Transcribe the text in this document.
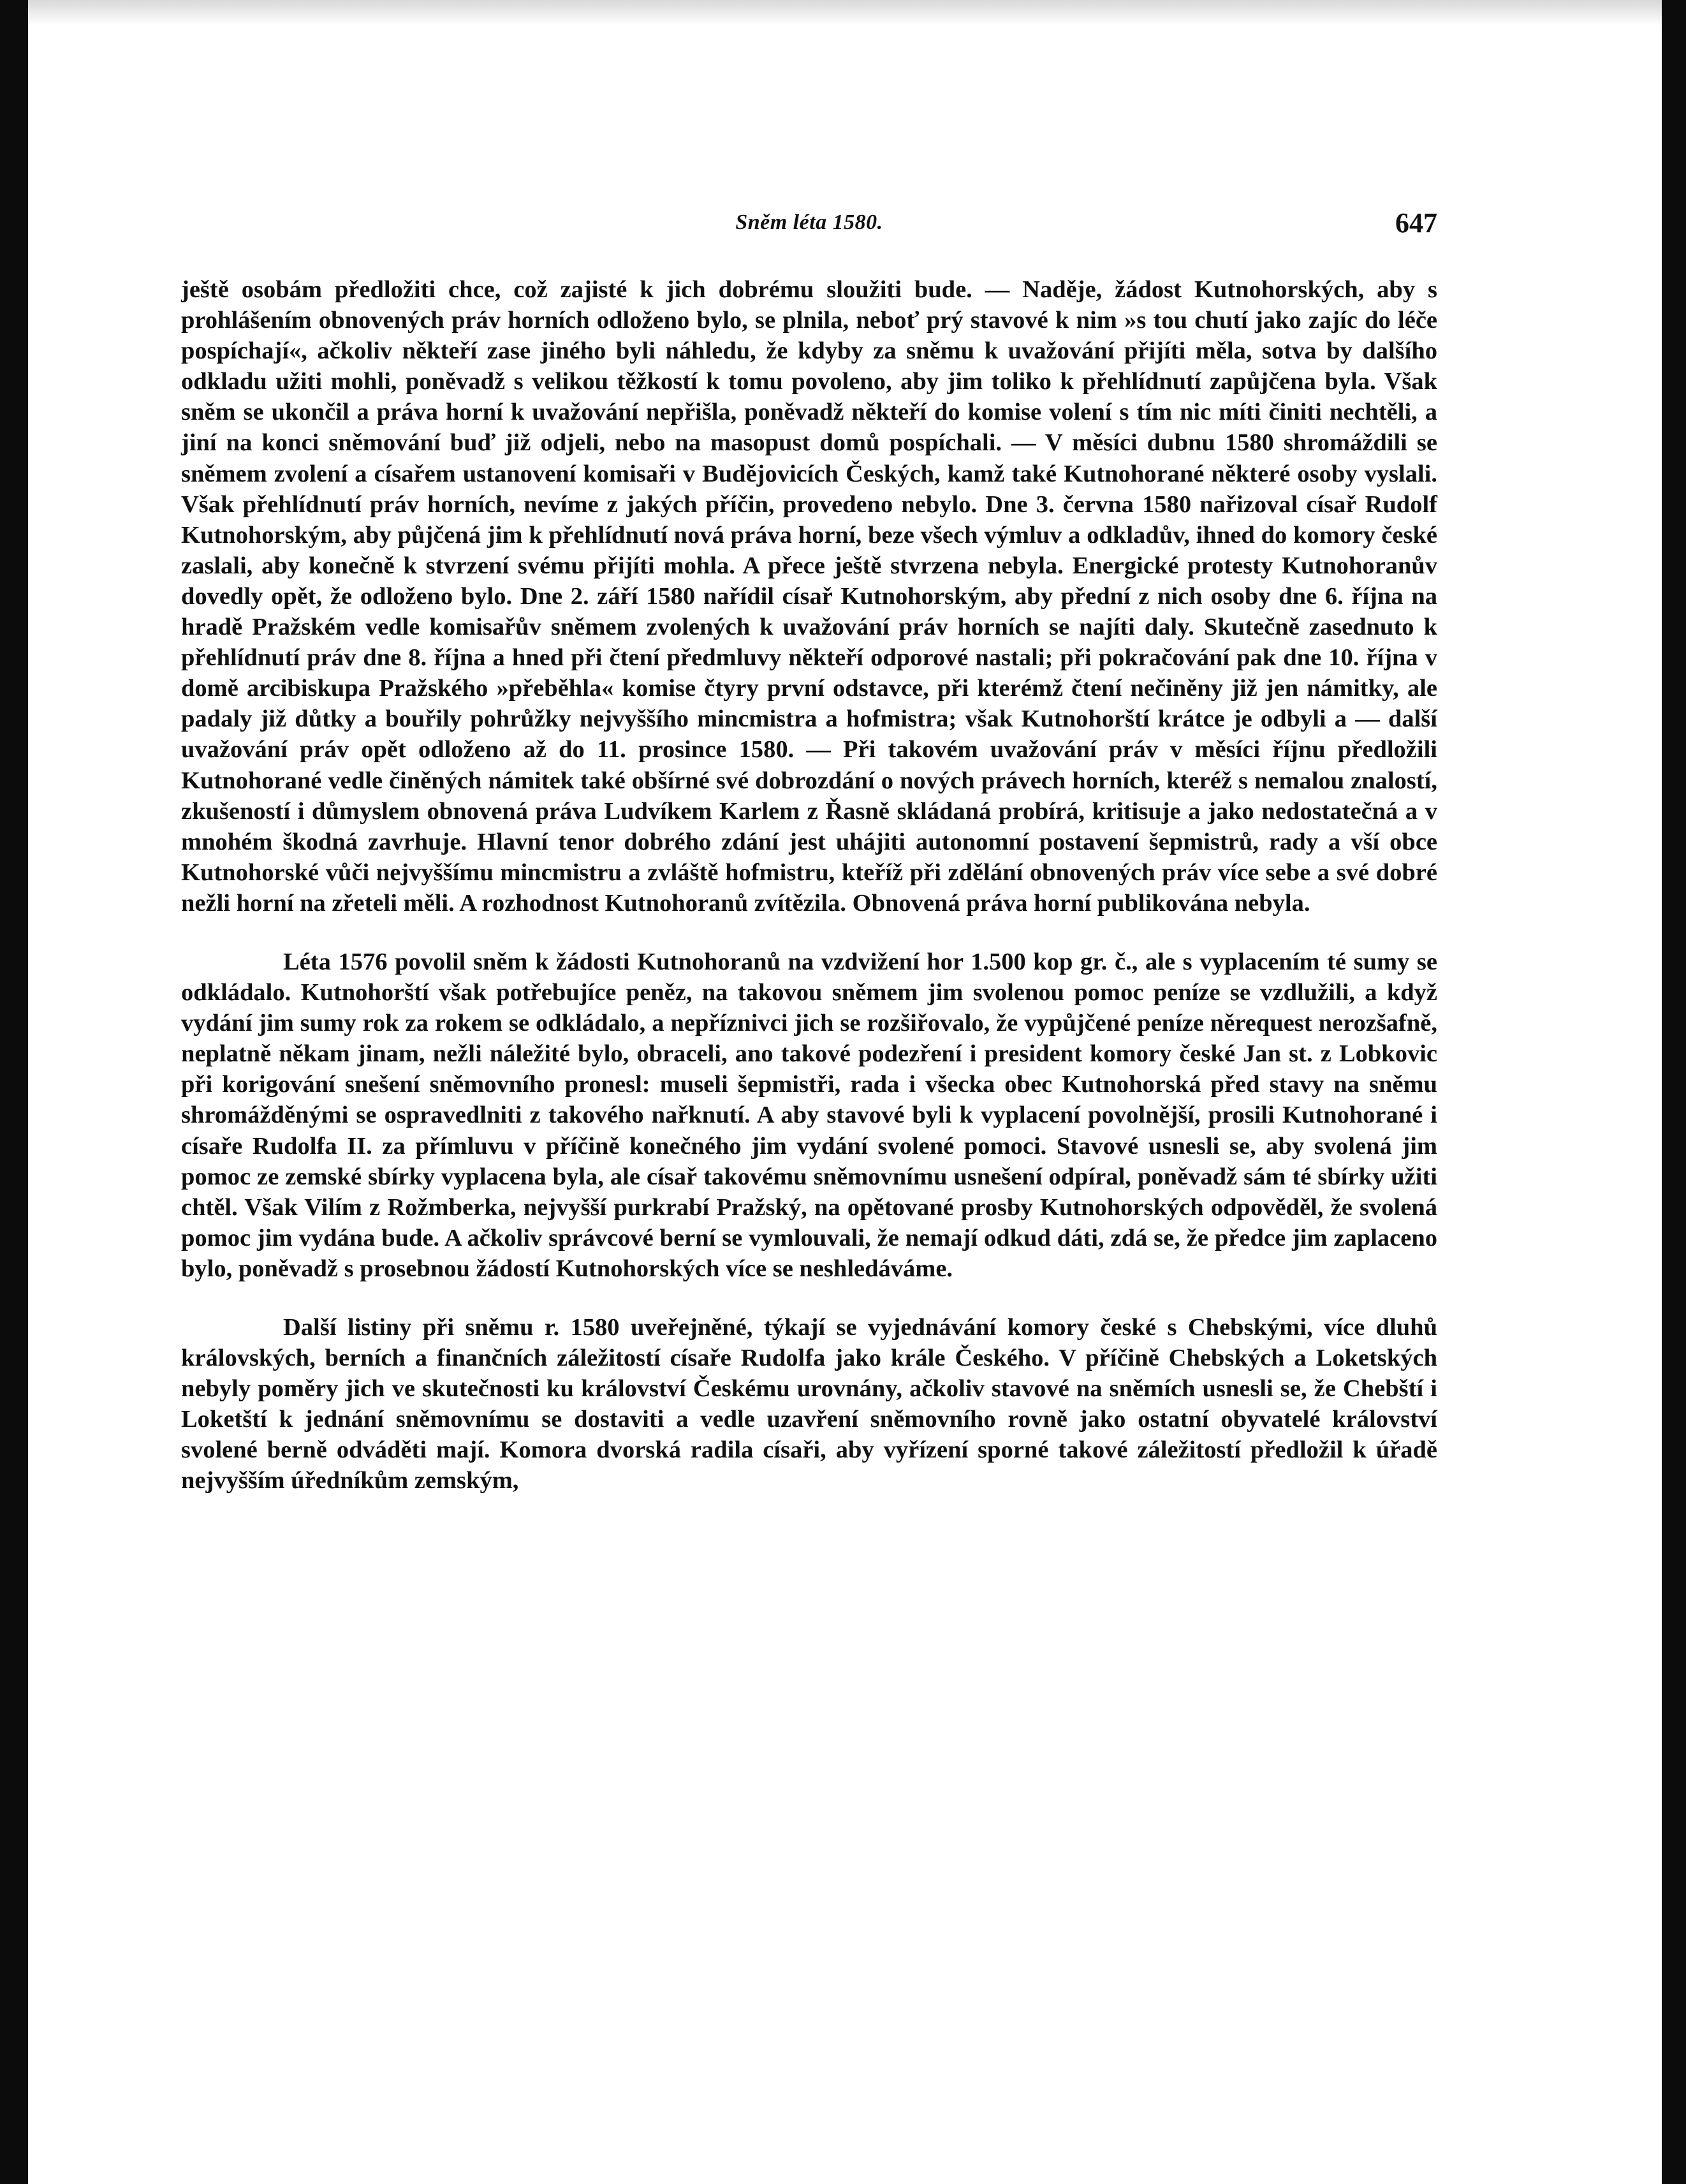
Sněm léta 1580.	647

ještě osobám předložiti chce, což zajisté k jich dobrému sloužiti bude. — Naděje, žádost Kutnohorských, aby s prohlášením obnovených práv horních odloženo bylo, se plnila, neboť prý stavové k nim »s tou chutí jako zajíc do léče pospíchají«, ačkoliv někteří zase jiného byli náhledu, že kdyby za sněmu k uvažování přijíti měla, sotva by dalšího odkladu užiti mohli, poněvadž s velikou těžkostí k tomu povoleno, aby jim toliko k přehlídnutí zapůjčena byla. Však sněm se ukončil a práva horní k uvažování nepřišla, poněvadž někteří do komise volení s tím nic míti činiti nechtěli, a jiní na konci sněmování buď již odjeli, nebo na masopust domů pospíchali. — V měsíci dubnu 1580 shromáždili se sněmem zvolení a císařem ustanovení komisaři v Budějovicích Českých, kamž také Kutnohorané některé osoby vyslali. Však přehlídnutí práv horních, nevíme z jakých příčin, provedeno nebylo. Dne 3. června 1580 nařizoval císař Rudolf Kutnohorským, aby půjčená jim k přehlídnutí nová práva horní, beze všech výmluv a odkladův, ihned do komory české zaslali, aby konečně k stvrzení svému přijíti mohla. A přece ještě stvrzena nebyla. Energické protesty Kutnohoranův dovedly opět, že odloženo bylo. Dne 2. září 1580 nařídil císař Kutnohorským, aby přední z nich osoby dne 6. října na hradě Pražském vedle komisařův sněmem zvolených k uvažování práv horních se najíti daly. Skutečně zasednuto k přehlídnutí práv dne 8. října a hned při čtení předmluvy někteří odporové nastali; při pokračování pak dne 10. října v domě arcibiskupa Pražského »přeběhla« komise čtyry první odstavce, při kterémž čtení nečiněny již jen námitky, ale padaly již důtky a bouřily pohrůžky nejvyššího mincmistra a hofmistra; však Kutnohorští krátce je odbyli a — další uvažování práv opět odloženo až do 11. prosince 1580. — Při takovém uvažování práv v měsíci říjnu předložili Kutnohorané vedle činěných námitek také obšírné své dobrozdání o nových právech horních, kteréž s nemalou znalostí, zkušeností i důmyslem obnovená práva Ludvíkem Karlem z Řasně skládaná probírá, kritisuje a jako nedostatečná a v mnohém škodná zavrhuje. Hlavní tenor dobrého zdání jest uhájiti autonomní postavení šepmistrů, rady a vší obce Kutnohorské vůči nejvyššímu mincmistru a zvláště hofmistru, kteříž při zdělání obnovených práv více sebe a své dobré nežli horní na zřeteli měli. A rozhodnost Kutnohoranů zvítězila. Obnovená práva horní publikována nebyla.

Léta 1576 povolil sněm k žádosti Kutnohoranů na vzdvižení hor 1.500 kop gr. č., ale s vyplacením té sumy se odkládalo. Kutnohorští však potřebujíce peněz, na takovou sněmem jim svolenou pomoc peníze se vzdlužili, a když vydání jim sumy rok za rokem se odkládalo, a nepříznivci jich se rozšiřovalo, že vypůjčené peníze něrequest nerozšafně, neplatně někam jinam, nežli náležité bylo, obraceli, ano takové podezření i president komory české Jan st. z Lobkovic při korigování snešení sněmovního pronesl: museli šepmistři, rada i všecka obec Kutnohorská před stavy na sněmu shromážděnými se ospravedlniti z takového nařknutí. A aby stavové byli k vyplacení povolnější, prosili Kutnohorané i císaře Rudolfa II. za přímluvu v příčině konečného jim vydání svolené pomoci. Stavové usnesli se, aby svolená jim pomoc ze zemské sbírky vyplacena byla, ale císař takovému sněmovnímu usnešení odpíral, poněvadž sám té sbírky užiti chtěl. Však Vilím z Rožmberka, nejvyšší purkrabí Pražský, na opětované prosby Kutnohorských odpověděl, že svolená pomoc jim vydána bude. A ačkoliv správcové berní se vymlouvali, že nemají odkud dáti, zdá se, že předce jim zaplaceno bylo, poněvadž s prosebnou žádostí Kutnohorských více se neshledáváme.

Další listiny při sněmu r. 1580 uveřejněné, týkají se vyjednávání komory české s Chebskými, více dluhů královských, berních a finančních záležitostí císaře Rudolfa jako krále Českého. V příčině Chebských a Loketských nebyly poměry jich ve skutečnosti ku království Českému urovnány, ačkoliv stavové na sněmích usnesli se, že Chebští i Loketští k jednání sněmovnímu se dostaviti a vedle uzavření sněmovního rovně jako ostatní obyvatelé království svolené berně odváděti mají. Komora dvorská radila císaři, aby vyřízení sporné takové záležitostí předložil k úřadě nejvyšším úředníkům zemským,
